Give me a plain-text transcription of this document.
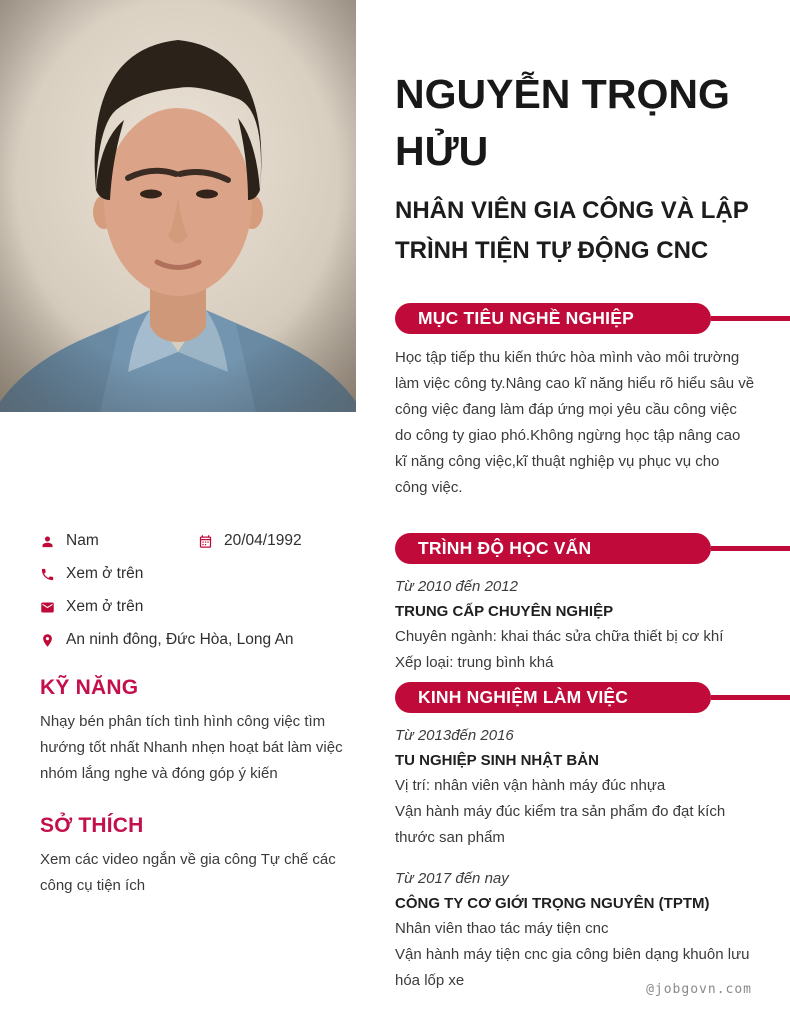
Nam	20/04/1992
Xem ở trên
Xem ở trên
An ninh đông, Đức Hòa, Long An
KỸ NĂNG
Nhạy bén phân tích tình hình công việc tìm hướng tốt nhất Nhanh nhẹn hoạt bát làm việc nhóm lắng nghe và đóng góp ý kiến
SỞ THÍCH
Xem các video ngắn về gia công Tự chế các công cụ tiện ích
NGUYỄN TRỌNG HỬU
NHÂN VIÊN GIA CÔNG VÀ LẬP TRÌNH TIỆN TỰ ĐỘNG CNC
MỤC TIÊU NGHỀ NGHIỆP
Học tập tiếp thu kiến thức hòa mình vào môi trường làm việc công ty.Nâng cao kĩ năng hiểu rõ hiểu sâu về công việc đang làm đáp ứng mọi yêu cầu công việc do công ty giao phó.Không ngừng học tập nâng cao kĩ năng công việc,kĩ thuật nghiệp vụ phục vụ cho công việc.
TRÌNH ĐỘ HỌC VẤN
Từ 2010 đến 2012
TRUNG CẤP CHUYÊN NGHIỆP
Chuyên ngành: khai thác sửa chữa thiết bị cơ khí
Xếp loại: trung bình khá
KINH NGHIỆM LÀM VIỆC
Từ 2013đến 2016
TU NGHIỆP SINH NHẬT BẢN
Vị trí: nhân viên vận hành máy đúc nhựa
Vận hành máy đúc kiểm tra sản phẩm đo đạt kích thước san phẩm
Từ 2017 đến nay
CÔNG TY CƠ GIỚI TRỌNG NGUYÊN (TPTM)
Nhân viên thao tác máy tiện cnc
Vận hành máy tiện cnc gia công biên dạng khuôn lưu hóa lốp xe
@jobgovn.com
